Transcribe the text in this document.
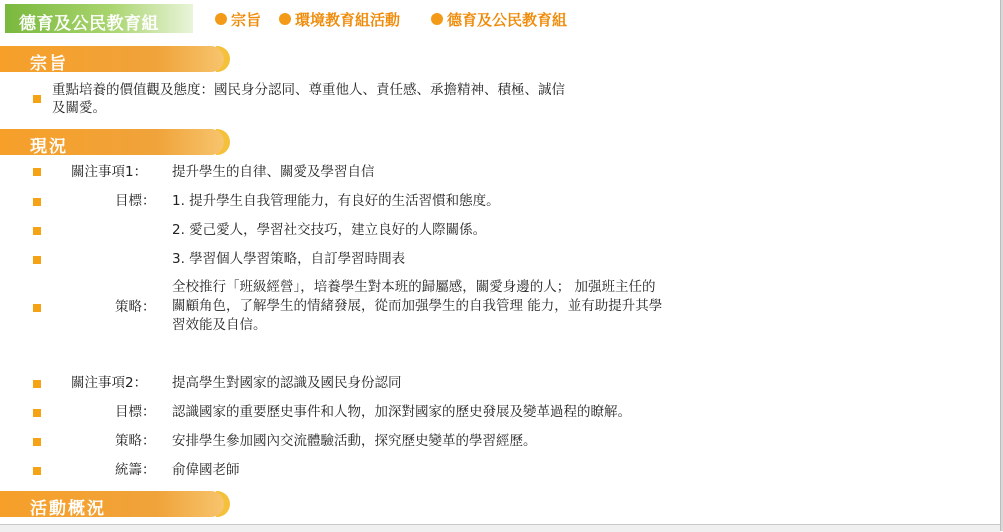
德育及公民教育組	宗旨 環境教育組活動	德育及公民教育組
宗旨
重點培養的價值觀及態度：國民身分認同、尊重他人、責任感、承擔精神、積極、誠信
及關愛。
現況
關注事項1： 提升學生的自律、關愛及學習自信
目標： 1. 提升學生自我管理能力，有良好的生活習慣和態度。
2. 愛己愛人，學習社交技巧，建立良好的人際關係。
3. 學習個人學習策略，自訂學習時間表
策略：
全校推行「班級經營」，培養學生對本班的歸屬感，關愛身邊的人； 加强班主任的
關顧角色，了解學生的情緒發展，從而加强學生的自我管理 能力，並有助提升其學
習效能及自信。
關注事項2： 提高學生對國家的認識及國民身份認同
目標： 認識國家的重要歷史事件和人物，加深對國家的歷史發展及變革過程的瞭解。
策略： 安排學生參加國內交流體驗活動，探究歷史變革的學習經歷。
統籌： 俞偉國老師
活動概況
